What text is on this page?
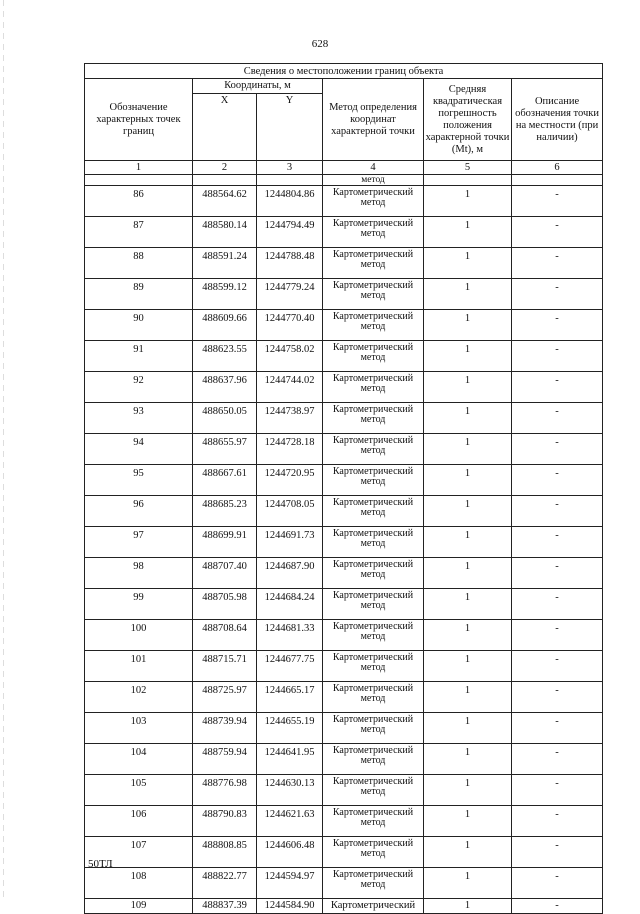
628
Сведения о местоположении границ объекта					
Обозначение характерных точек границ	Координаты, м		Метод определения координат характерной точки	Средняя квадратическая погрешность положения характерной точки (Mt), м	Описание обозначения точки на местности (при наличии)
	X	Y			
1	2	3	4	5	6
			метод		
86	488564.62	1244804.86	Картометрический метод	1	-
87	488580.14	1244794.49	Картометрический метод	1	-
88	488591.24	1244788.48	Картометрический метод	1	-
89	488599.12	1244779.24	Картометрический метод	1	-
90	488609.66	1244770.40	Картометрический метод	1	-
91	488623.55	1244758.02	Картометрический метод	1	-
92	488637.96	1244744.02	Картометрический метод	1	-
93	488650.05	1244738.97	Картометрический метод	1	-
94	488655.97	1244728.18	Картометрический метод	1	-
95	488667.61	1244720.95	Картометрический метод	1	-
96	488685.23	1244708.05	Картометрический метод	1	-
97	488699.91	1244691.73	Картометрический метод	1	-
98	488707.40	1244687.90	Картометрический метод	1	-
99	488705.98	1244684.24	Картометрический метод	1	-
100	488708.64	1244681.33	Картометрический метод	1	-
101	488715.71	1244677.75	Картометрический метод	1	-
102	488725.97	1244665.17	Картометрический метод	1	-
103	488739.94	1244655.19	Картометрический метод	1	-
104	488759.94	1244641.95	Картометрический метод	1	-
105	488776.98	1244630.13	Картометрический метод	1	-
106	488790.83	1244621.63	Картометрический метод	1	-
107	488808.85	1244606.48	Картометрический метод	1	-
108	488822.77	1244594.97	Картометрический метод	1	-
109	488837.39	1244584.90	Картометрический	1	-
50ТЛ
